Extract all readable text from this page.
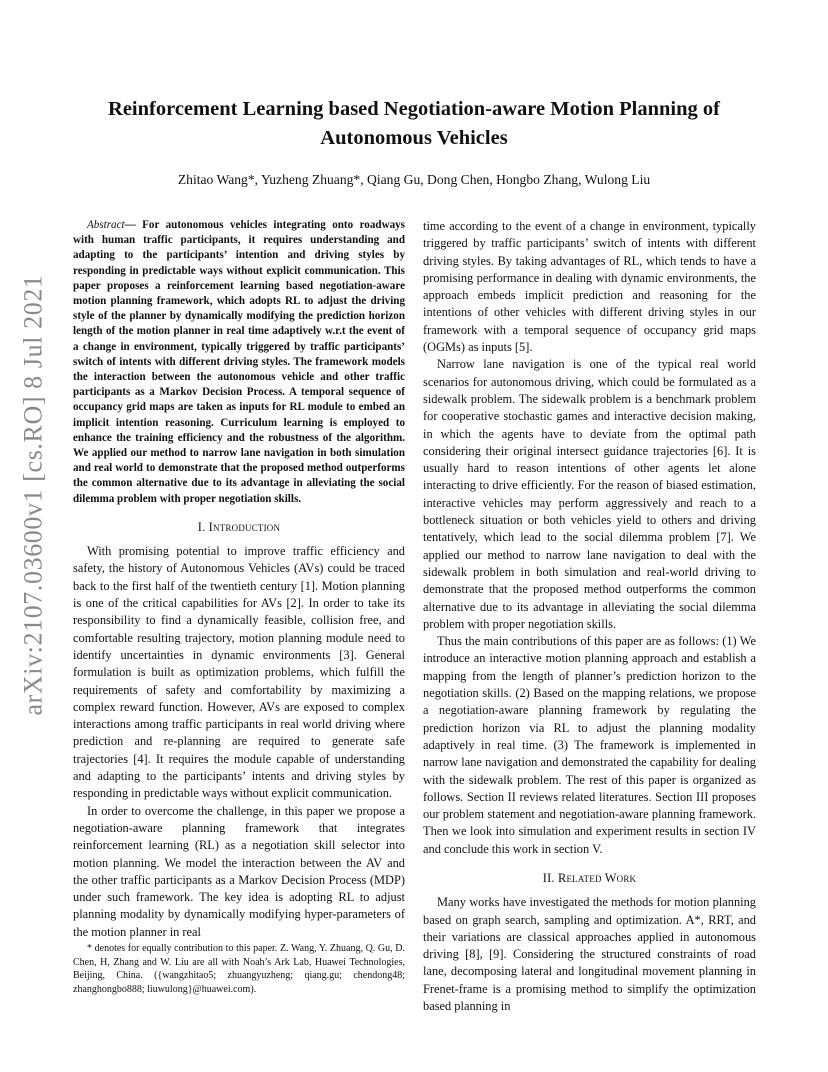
arXiv:2107.03600v1 [cs.RO] 8 Jul 2021
Reinforcement Learning based Negotiation-aware Motion Planning of Autonomous Vehicles
Zhitao Wang*, Yuzheng Zhuang*, Qiang Gu, Dong Chen, Hongbo Zhang, Wulong Liu

Abstract— For autonomous vehicles integrating onto roadways with human traffic participants, it requires understanding and adapting to the participants’ intention and driving styles by responding in predictable ways without explicit communication. This paper proposes a reinforcement learning based negotiation-aware motion planning framework, which adopts RL to adjust the driving style of the planner by dynamically modifying the prediction horizon length of the motion planner in real time adaptively w.r.t the event of a change in environment, typically triggered by traffic participants’ switch of intents with different driving styles. The framework models the interaction between the autonomous vehicle and other traffic participants as a Markov Decision Process. A temporal sequence of occupancy grid maps are taken as inputs for RL module to embed an implicit intention reasoning. Curriculum learning is employed to enhance the training efficiency and the robustness of the algorithm. We applied our method to narrow lane navigation in both simulation and real world to demonstrate that the proposed method outperforms the common alternative due to its advantage in alleviating the social dilemma problem with proper negotiation skills.

I. Introduction

With promising potential to improve traffic efficiency and safety, the history of Autonomous Vehicles (AVs) could be traced back to the first half of the twentieth century [1]. Motion planning is one of the critical capabilities for AVs [2]. In order to take its responsibility to find a dynamically feasible, collision free, and comfortable resulting trajectory, motion planning module need to identify uncertainties in dynamic environments [3]. General formulation is built as optimization problems, which fulfill the requirements of safety and comfortability by maximizing a complex reward function. However, AVs are exposed to complex interactions among traffic participants in real world driving where prediction and re-planning are required to generate safe trajectories [4]. It requires the module capable of understanding and adapting to the participants’ intents and driving styles by responding in predictable ways without explicit communication.

In order to overcome the challenge, in this paper we propose a negotiation-aware planning framework that integrates reinforcement learning (RL) as a negotiation skill selector into motion planning. We model the interaction between the AV and the other traffic participants as a Markov Decision Process (MDP) under such framework. The key idea is adopting RL to adjust planning modality by dynamically modifying hyper-parameters of the motion planner in real

time according to the event of a change in environment, typically triggered by traffic participants’ switch of intents with different driving styles. By taking advantages of RL, which tends to have a promising performance in dealing with dynamic environments, the approach embeds implicit prediction and reasoning for the intentions of other vehicles with different driving styles in our framework with a temporal sequence of occupancy grid maps (OGMs) as inputs [5].

Narrow lane navigation is one of the typical real world scenarios for autonomous driving, which could be formulated as a sidewalk problem. The sidewalk problem is a benchmark problem for cooperative stochastic games and interactive decision making, in which the agents have to deviate from the optimal path considering their original intersect guidance trajectories [6]. It is usually hard to reason intentions of other agents let alone interacting to drive efficiently. For the reason of biased estimation, interactive vehicles may perform aggressively and reach to a bottleneck situation or both vehicles yield to others and driving tentatively, which lead to the social dilemma problem [7]. We applied our method to narrow lane navigation to deal with the sidewalk problem in both simulation and real-world driving to demonstrate that the proposed method outperforms the common alternative due to its advantage in alleviating the social dilemma problem with proper negotiation skills.

Thus the main contributions of this paper are as follows: (1) We introduce an interactive motion planning approach and establish a mapping from the length of planner’s prediction horizon to the negotiation skills. (2) Based on the mapping relations, we propose a negotiation-aware planning framework by regulating the prediction horizon via RL to adjust the planning modality adaptively in real time. (3) The framework is implemented in narrow lane navigation and demonstrated the capability for dealing with the sidewalk problem. The rest of this paper is organized as follows. Section II reviews related literatures. Section III proposes our problem statement and negotiation-aware planning framework. Then we look into simulation and experiment results in section IV and conclude this work in section V.

II. Related Work

Many works have investigated the methods for motion planning based on graph search, sampling and optimization. A*, RRT, and their variations are classical approaches applied in autonomous driving [8], [9]. Considering the structured constraints of road lane, decomposing lateral and longitudinal movement planning in Frenet-frame is a promising method to simplify the optimization based planning in

* denotes for equally contribution to this paper. Z. Wang, Y. Zhuang, Q. Gu, D. Chen, H, Zhang and W. Liu are all with Noah’s Ark Lab, Huawei Technologies, Beijing, China. ({wangzhitao5; zhuangyuzheng; qiang.gu; chendong48; zhanghongbo888; liuwulong}@huawei.com).
